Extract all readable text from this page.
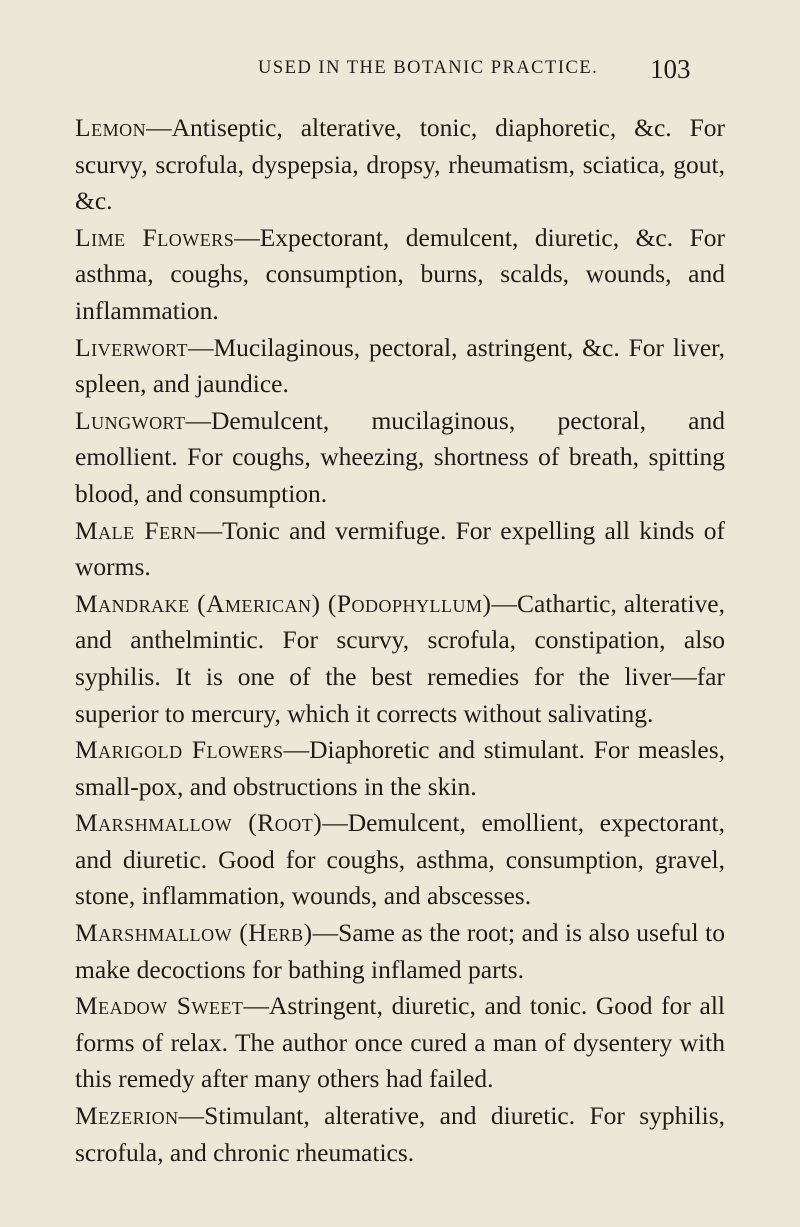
USED IN THE BOTANIC PRACTICE. 103

Lemon—Antiseptic, alterative, tonic, diaphoretic, &c. For scurvy, scrofula, dyspepsia, dropsy, rheumatism, sciatica, gout, &c.

Lime Flowers—Expectorant, demulcent, diuretic, &c. For asthma, coughs, consumption, burns, scalds, wounds, and inflammation.

Liverwort—Mucilaginous, pectoral, astringent, &c. For liver, spleen, and jaundice.

Lungwort—Demulcent, mucilaginous, pectoral, and emollient. For coughs, wheezing, shortness of breath, spitting blood, and consumption.

Male Fern—Tonic and vermifuge. For expelling all kinds of worms.

Mandrake (American) (Podophyllum)—Cathartic, alterative, and anthelmintic. For scurvy, scrofula, constipation, also syphilis. It is one of the best remedies for the liver—far superior to mercury, which it corrects without salivating.

Marigold Flowers—Diaphoretic and stimulant. For measles, small-pox, and obstructions in the skin.

Marshmallow (Root)—Demulcent, emollient, expectorant, and diuretic. Good for coughs, asthma, consumption, gravel, stone, inflammation, wounds, and abscesses.

Marshmallow (Herb)—Same as the root; and is also useful to make decoctions for bathing inflamed parts.

Meadow Sweet—Astringent, diuretic, and tonic. Good for all forms of relax. The author once cured a man of dysentery with this remedy after many others had failed.

Mezerion—Stimulant, alterative, and diuretic. For syphilis, scrofula, and chronic rheumatics.
